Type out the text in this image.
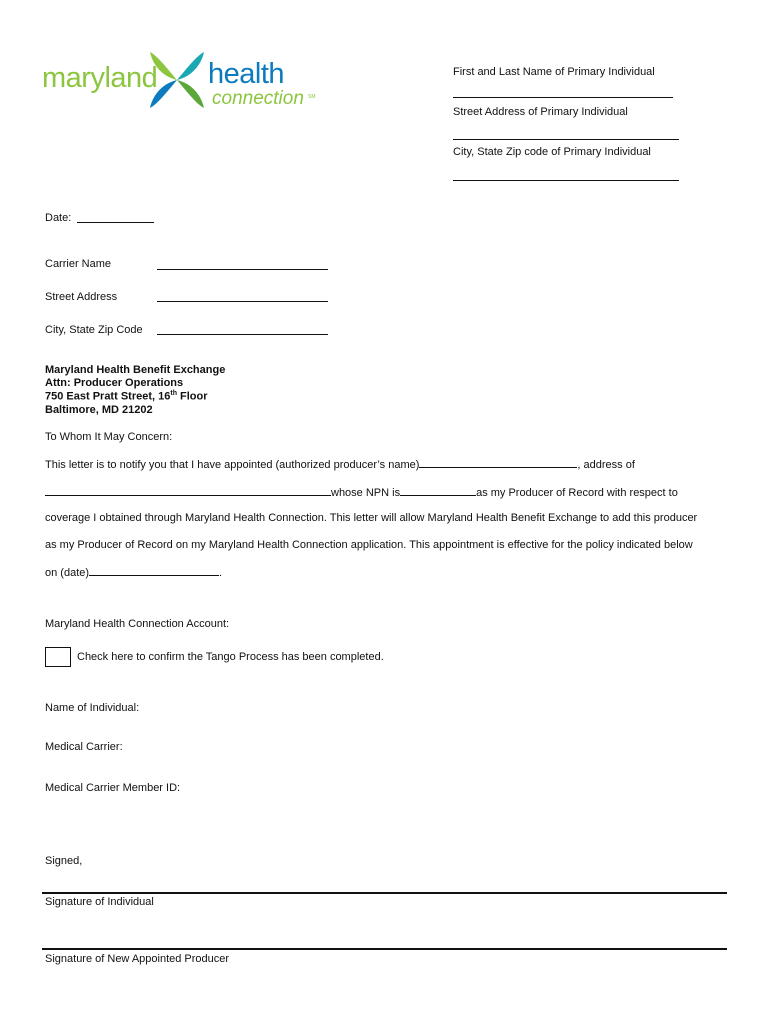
maryland health
connection SM
First and Last Name of Primary Individual
Street Address of Primary Individual
City, State Zip code of Primary Individual
Date:
Carrier Name
Street Address
City, State Zip Code
Maryland Health Benefit Exchange
Attn: Producer Operations
750 East Pratt Street, 16th Floor
Baltimore, MD 21202
To Whom It May Concern:
This letter is to notify you that I have appointed (authorized producer’s name)	, address of
whose NPN is	as my Producer of Record with respect to
coverage I obtained through Maryland Health Connection. This letter will allow Maryland Health Benefit Exchange to add this producer
as my Producer of Record on my Maryland Health Connection application. This appointment is effective for the policy indicated below
on (date)	.
Maryland Health Connection Account:
Check here to confirm the Tango Process has been completed.
Name of Individual:
Medical Carrier:
Medical Carrier Member ID:
Signed,
Signature of Individual
Signature of New Appointed Producer
